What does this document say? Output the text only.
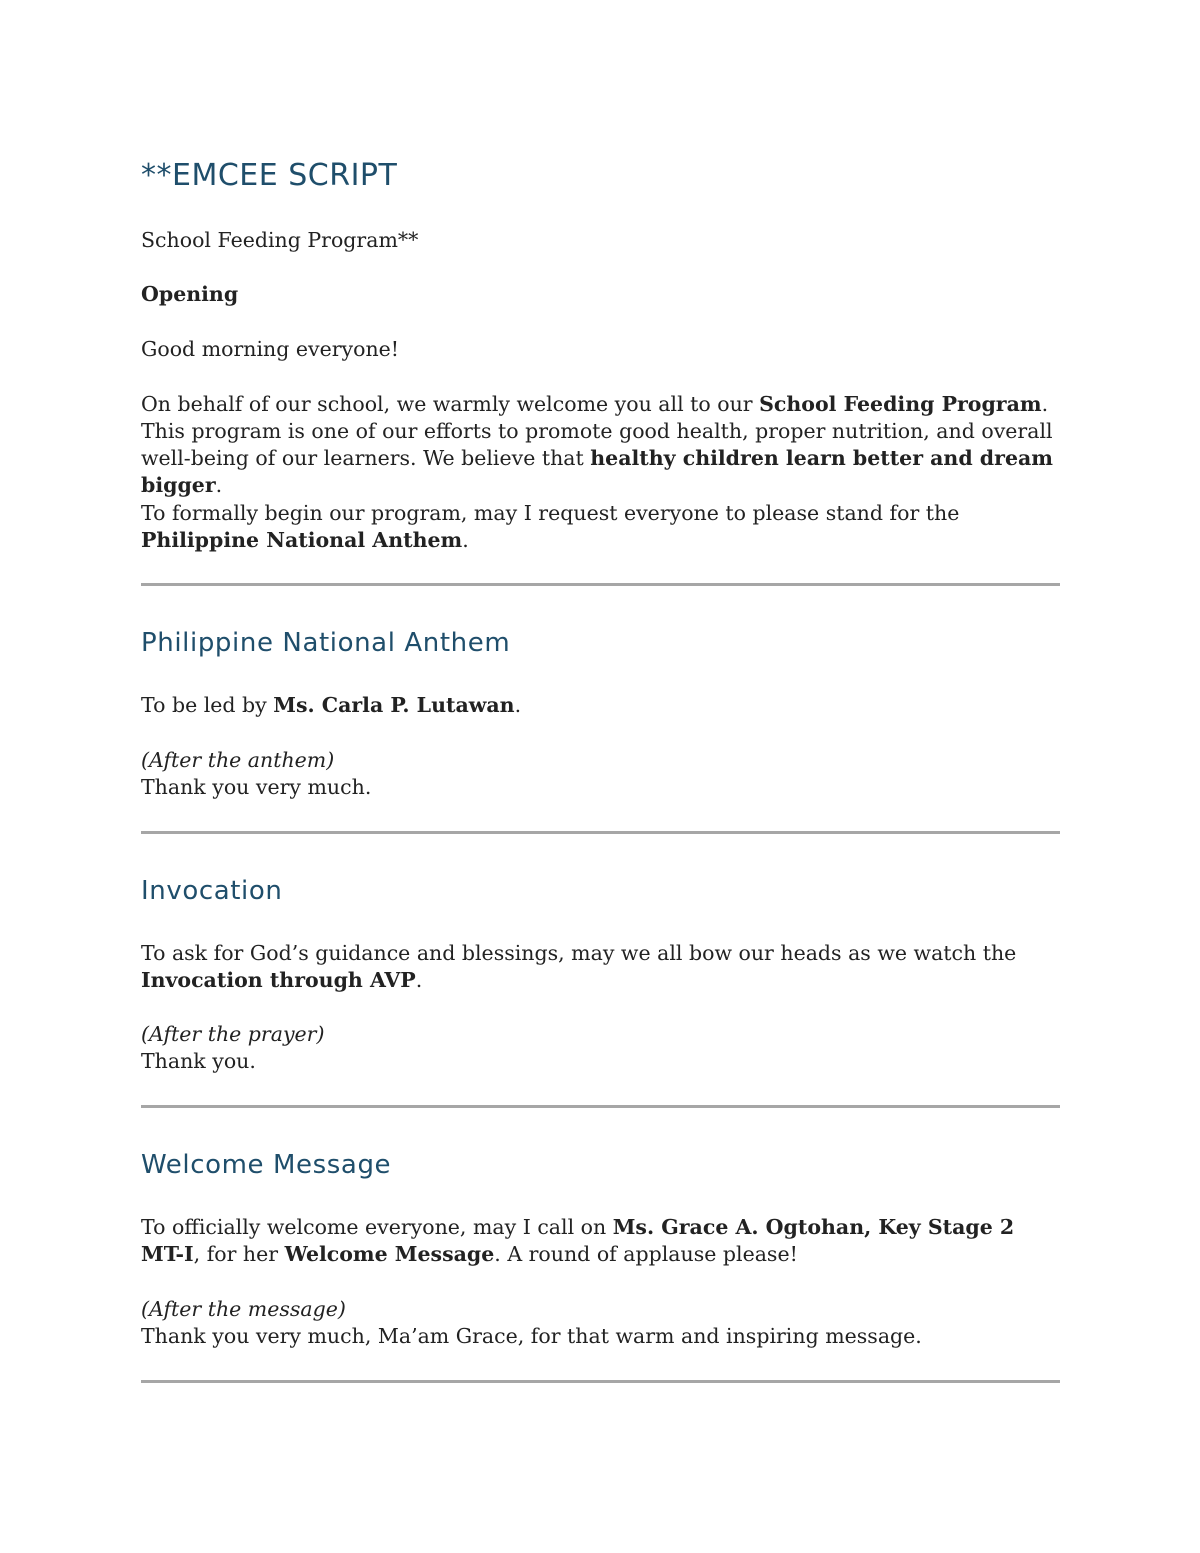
**EMCEE SCRIPT

School Feeding Program**

Opening

Good morning everyone!

On behalf of our school, we warmly welcome you all to our School Feeding Program. This program is one of our efforts to promote good health, proper nutrition, and overall well-being of our learners. We believe that healthy children learn better and dream bigger.

To formally begin our program, may I request everyone to please stand for the Philippine National Anthem.

Philippine National Anthem

To be led by Ms. Carla P. Lutawan.

(After the anthem)

Thank you very much.

Invocation

To ask for God’s guidance and blessings, may we all bow our heads as we watch the Invocation through AVP.

(After the prayer)

Thank you.

Welcome Message

To officially welcome everyone, may I call on Ms. Grace A. Ogtohan, Key Stage 2 MT-I, for her Welcome Message. A round of applause please!

(After the message)

Thank you very much, Ma’am Grace, for that warm and inspiring message.
